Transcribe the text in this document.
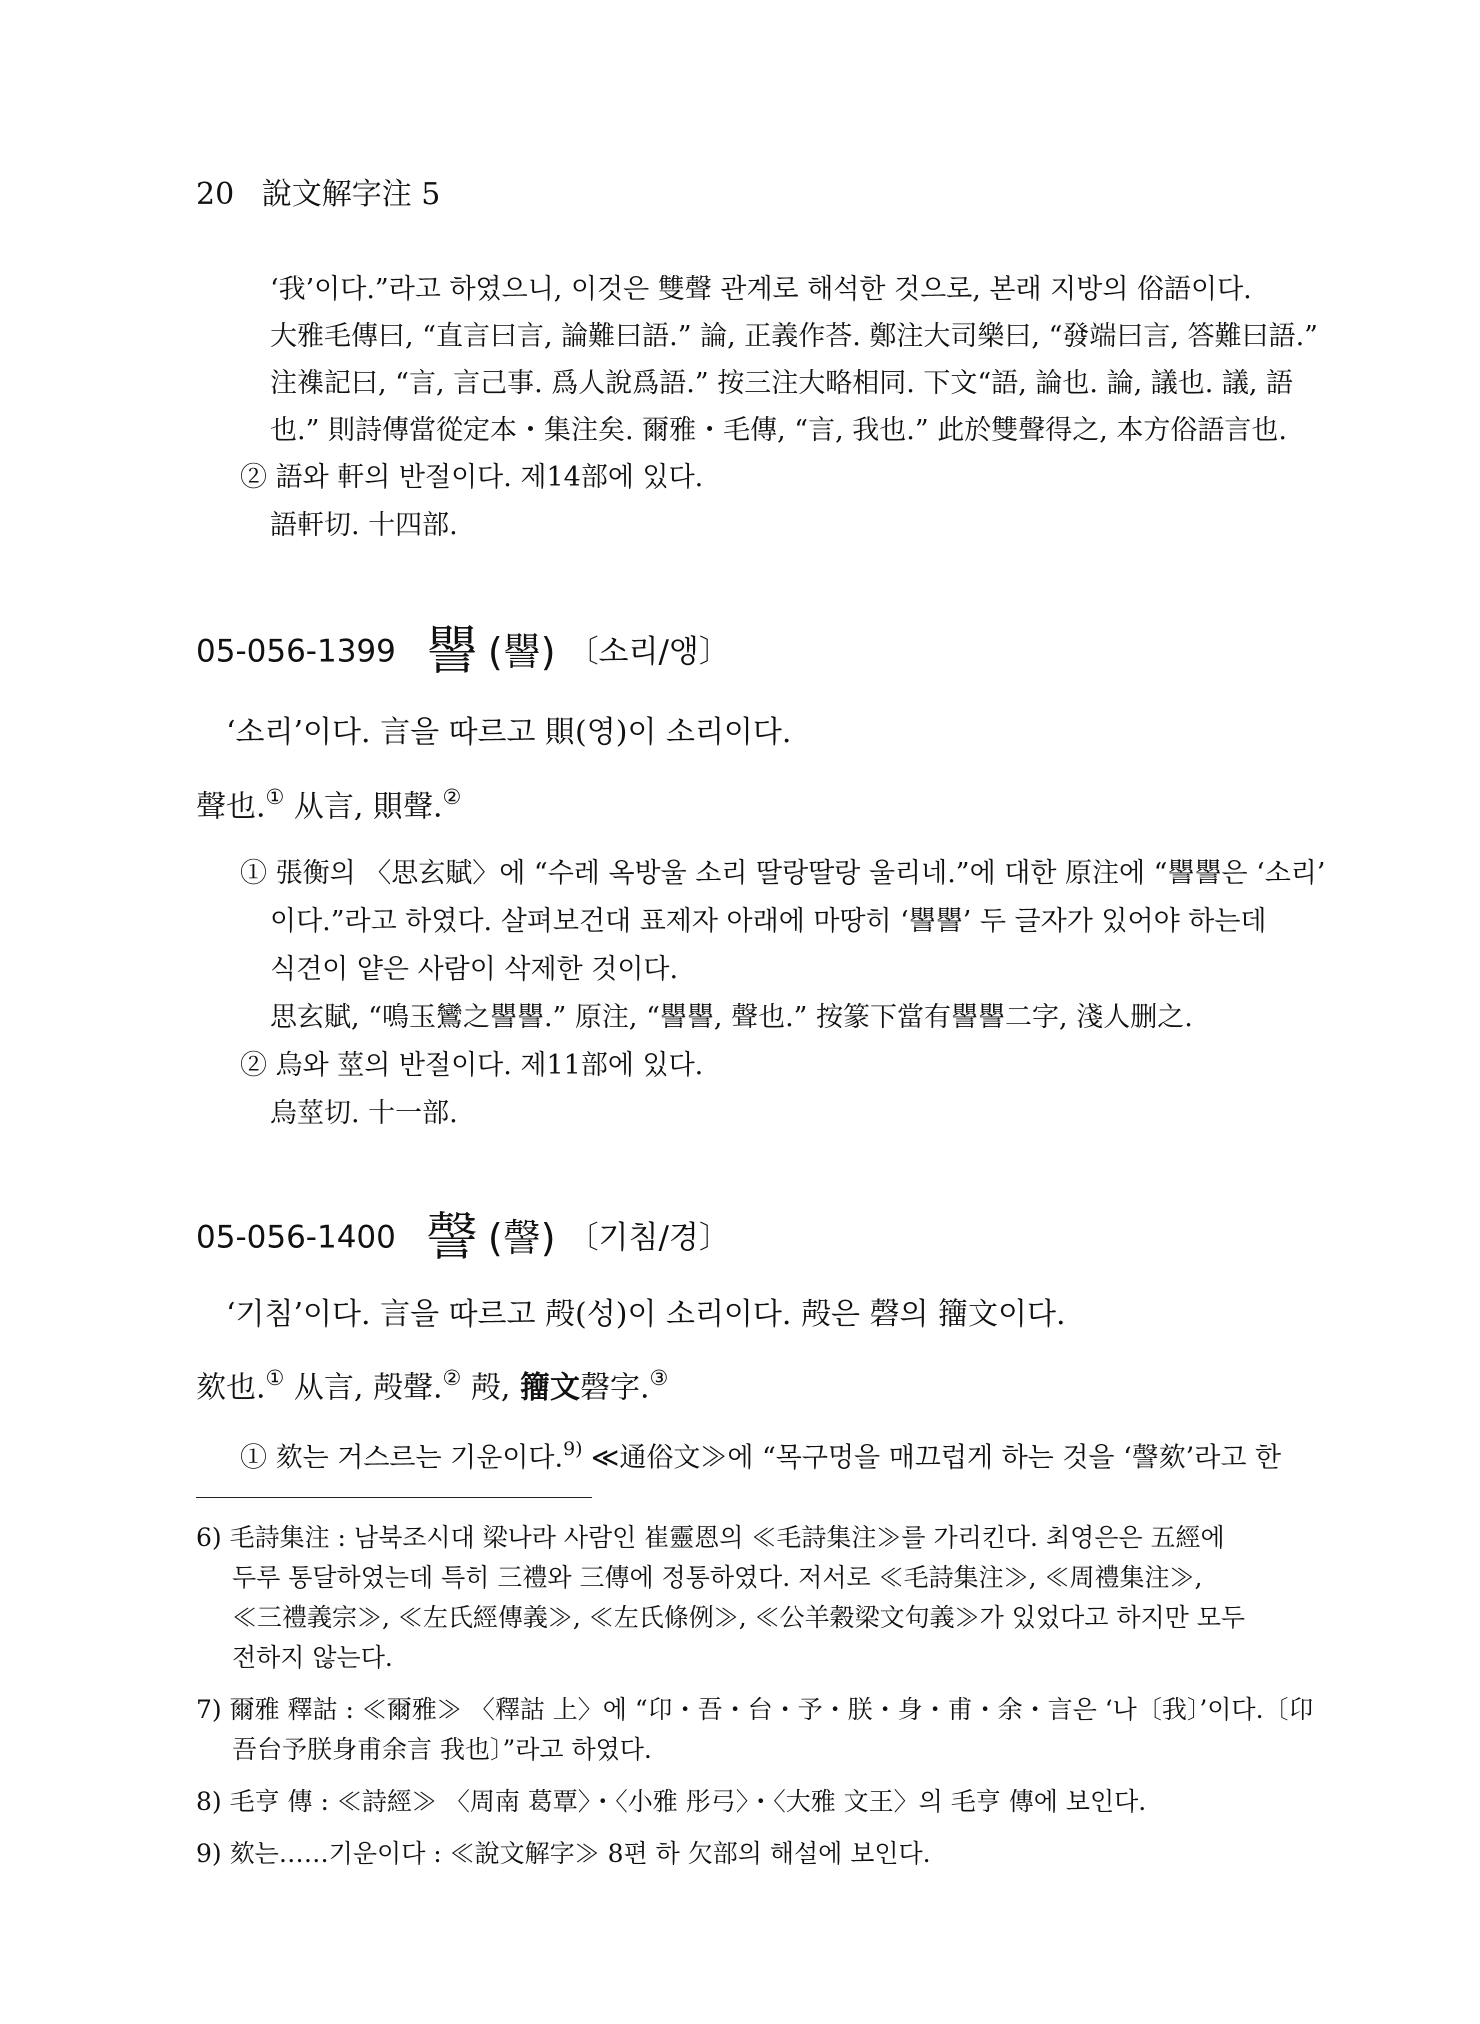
20 說文解字注 5
‘我’이다.”라고 하였으니, 이것은 雙聲 관계로 해석한 것으로, 본래 지방의 俗語이다.
大雅毛傳曰, “直言曰言, 論難曰語.” 論, 正義作荅. 鄭注大司樂曰, “發端曰言, 答難曰語.”
注襍記曰, “言, 言己事. 爲人說爲語.” 按三注大略相同. 下文“語, 論也. 論, 議也. 議, 語
也.” 則詩傳當從定本・集注矣. 爾雅・毛傳, “言, 我也.” 此於雙聲得之, 本方俗語言也.
② 語와 軒의 반절이다. 제14部에 있다.
語軒切. 十四部.
05-056-1399 譻 (譻) 〔소리/앵〕
‘소리’이다. 言을 따르고 賏(영)이 소리이다.
聲也.① 从言, 賏聲.②
① 張衡의 〈思玄賦〉에 “수레 옥방울 소리 딸랑딸랑 울리네.”에 대한 原注에 “譻譻은 ‘소리’
이다.”라고 하였다. 살펴보건대 표제자 아래에 마땅히 ‘譻譻’ 두 글자가 있어야 하는데
식견이 얕은 사람이 삭제한 것이다.
思玄賦, “鳴玉鸞之譻譻.” 原注, “譻譻, 聲也.” 按篆下當有譻譻二字, 淺人删之.
② 烏와 莖의 반절이다. 제11部에 있다.
烏莖切. 十一部.
05-056-1400 謦 (謦) 〔기침/경〕
‘기침’이다. 言을 따르고 殸(성)이 소리이다. 殸은 磬의 籒文이다.
欬也.① 从言, 殸聲.② 殸, 籒文磬字.③
① 欬는 거스르는 기운이다.$^{9)}$ ≪通俗文≫에 “목구멍을 매끄럽게 하는 것을 ‘謦欬’라고 한
6) 毛詩集注 : 남북조시대 梁나라 사람인 崔靈恩의 ≪毛詩集注≫를 가리킨다. 최영은은 五經에
두루 통달하였는데 특히 三禮와 三傳에 정통하였다. 저서로 ≪毛詩集注≫, ≪周禮集注≫,
≪三禮義宗≫, ≪左氏經傳義≫, ≪左氏條例≫, ≪公羊穀梁文句義≫가 있었다고 하지만 모두
전하지 않는다.
7) 爾雅 釋詁 : ≪爾雅≫ 〈釋詁 上〉에 “卬・吾・台・予・朕・身・甫・余・言은 ‘나〔我〕’이다.〔卬
吾台予朕身甫余言 我也〕”라고 하였다.
8) 毛亨 傳 : ≪詩經≫ 〈周南 葛覃〉・〈小雅 彤弓〉・〈大雅 文王〉의 毛亨 傳에 보인다.
9) 欬는……기운이다 : ≪說文解字≫ 8편 하 欠部의 해설에 보인다.
